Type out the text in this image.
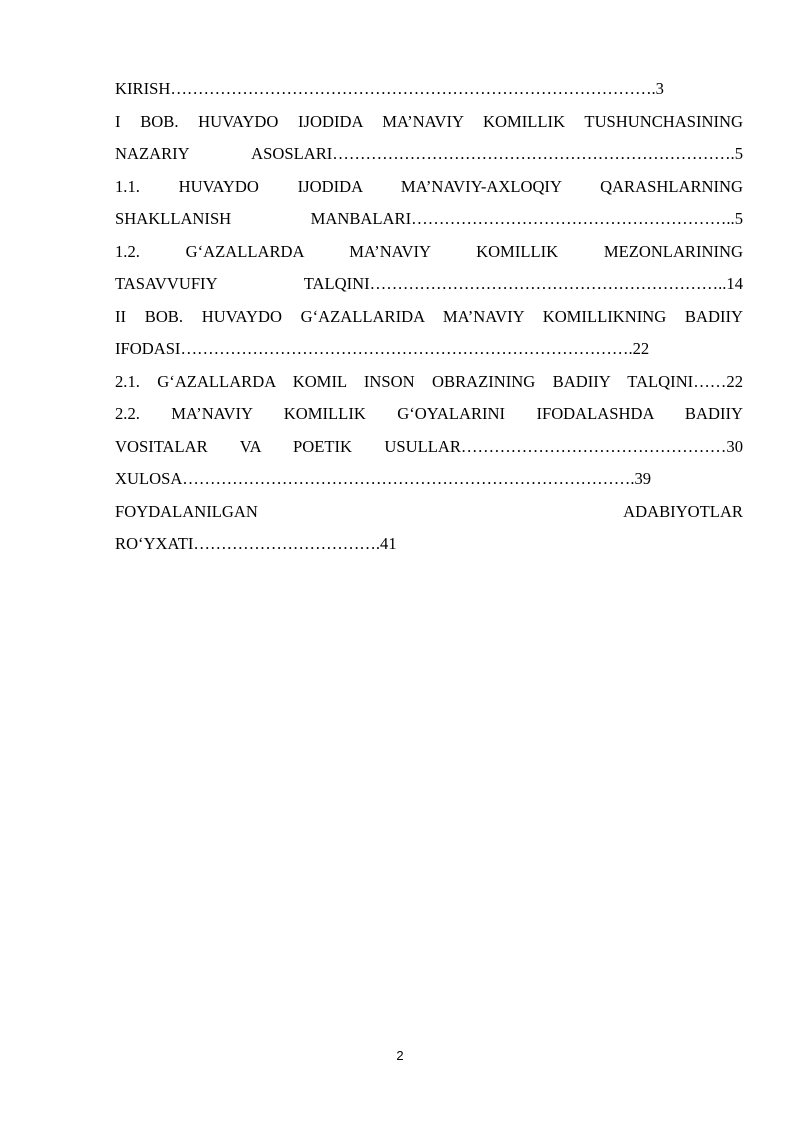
KIRISH…………………………………………………………………………….3
I BOB. HUVAYDO IJODIDA MA’NAVIY KOMILLIK TUSHUNCHASINING
NAZARIY ASOSLARI……………………………………………………………….5
1.1. HUVAYDO IJODIDA MA’NAVIY-AXLOQIY QARASHLARNING
SHAKLLANISH MANBALARI…………………………………………………..5
1.2. G‘AZALLARDA MA’NAVIY KOMILLIK MEZONLARINING
TASAVVUFIY TALQINI………………………………………………………..14
II BOB. HUVAYDO G‘AZALLARIDA MA’NAVIY KOMILLIKNING BADIIY
IFODASI……………………………………………………………………….22
2.1. G‘AZALLARDA KOMIL INSON OBRAZINING BADIIY TALQINI……22
2.2. MA’NAVIY KOMILLIK G‘OYALARINI IFODALASHDA BADIIY
VOSITALAR VA POETIK USULLAR…………………………………………30
XULOSA……………………………………………………………………….39
FOYDALANILGAN ADABIYOTLAR
RO‘YXATI…………………………….41
2
